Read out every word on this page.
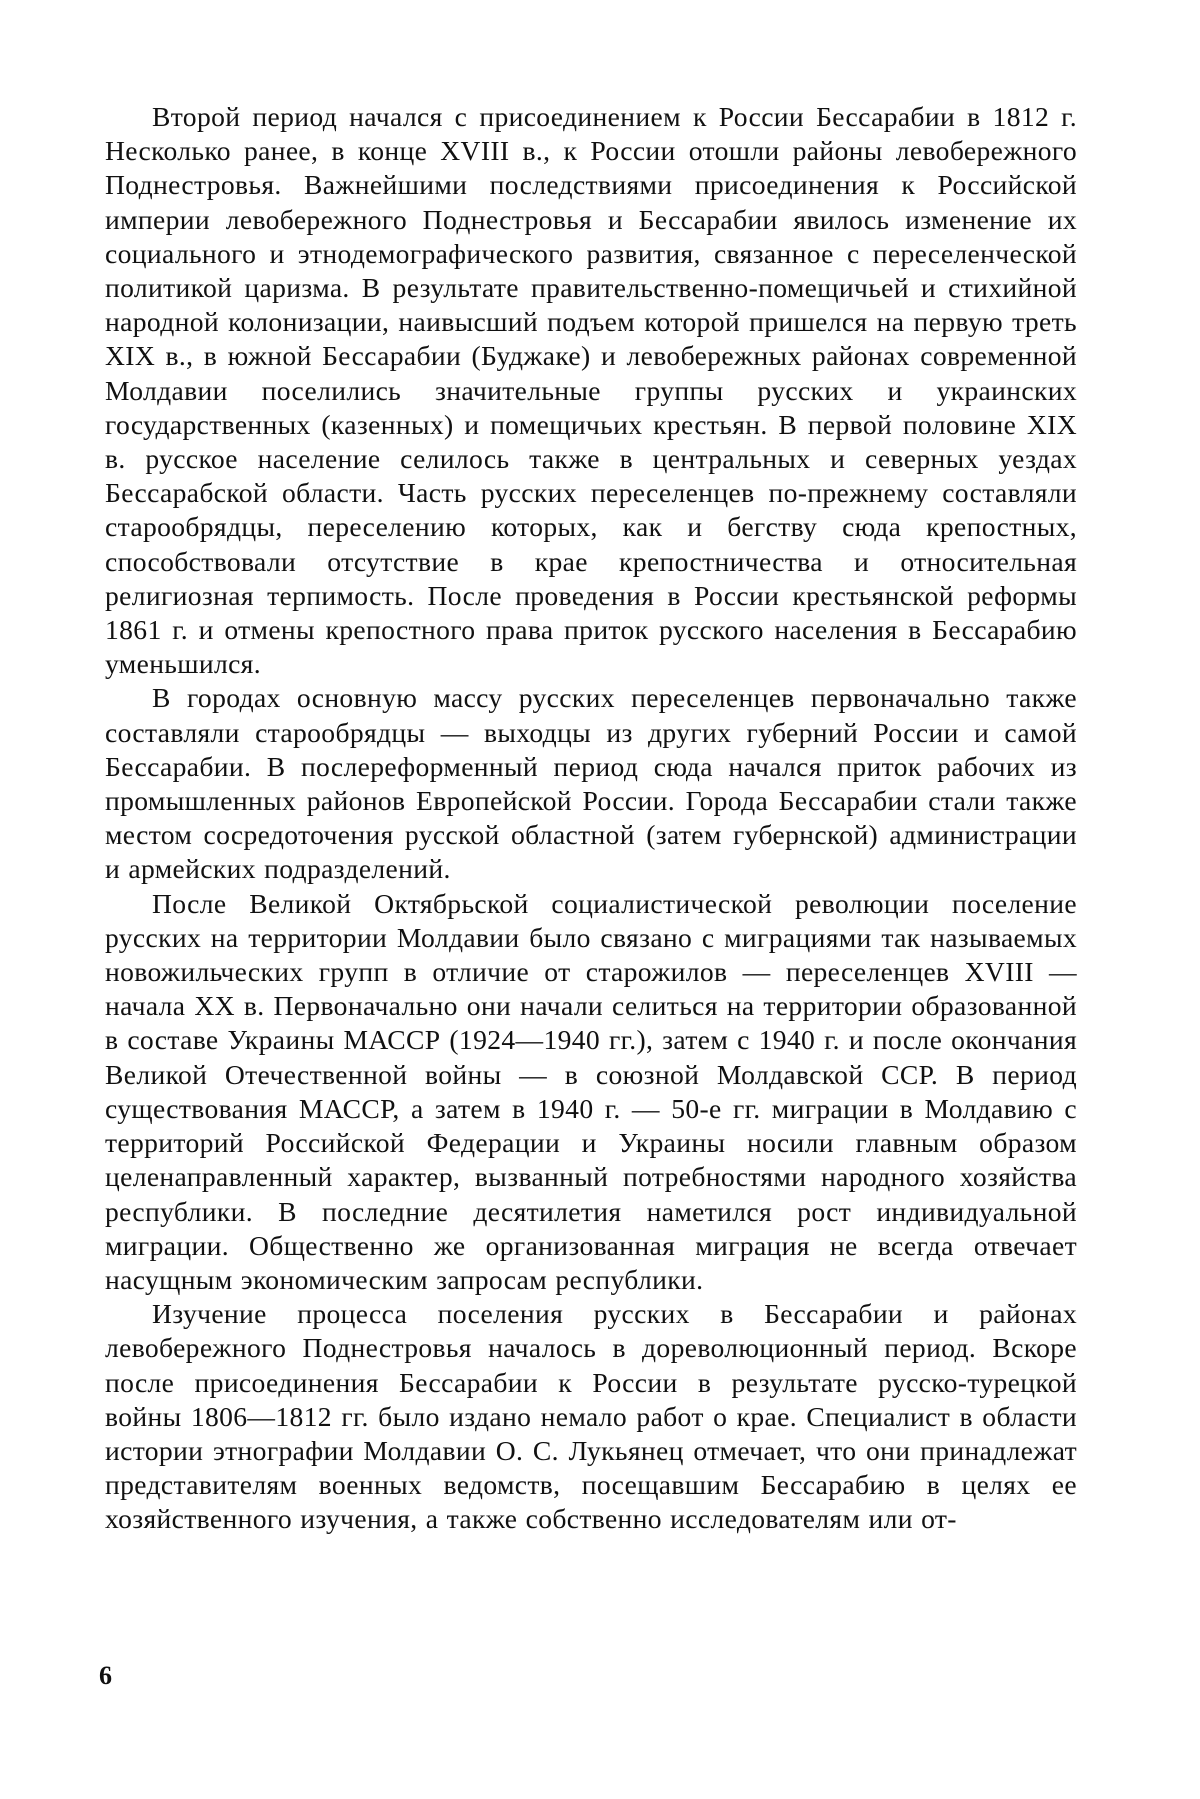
Второй период начался с присоединением к России Бессарабии в 1812 г. Несколько ранее, в конце XVIII в., к России отошли районы левобережного Поднестровья. Важнейшими последствиями присоединения к Российской империи левобережного Поднестровья и Бессарабии явилось изменение их социального и этнодемографического развития, связанное с переселенческой политикой царизма. В результате правительственно-помещичьей и стихийной народной колонизации, наивысший подъем которой пришелся на первую треть XIX в., в южной Бессарабии (Буджаке) и левобережных районах современной Молдавии поселились значительные группы русских и украинских государственных (казенных) и помещичьих крестьян. В первой половине XIX в. русское население селилось также в центральных и северных уездах Бессарабской области. Часть русских переселенцев по-прежнему составляли старообрядцы, переселению которых, как и бегству сюда крепостных, способствовали отсутствие в крае крепостничества и относительная религиозная терпимость. После проведения в России крестьянской реформы 1861 г. и отмены крепостного права приток русского населения в Бессарабию уменьшился.

В городах основную массу русских переселенцев первоначально также составляли старообрядцы — выходцы из других губерний России и самой Бессарабии. В послереформенный период сюда начался приток рабочих из промышленных районов Европейской России. Города Бессарабии стали также местом сосредоточения русской областной (затем губернской) администрации и армейских подразделений.

После Великой Октябрьской социалистической революции поселение русских на территории Молдавии было связано с миграциями так называемых новожильческих групп в отличие от старожилов — переселенцев XVIII — начала XX в. Первоначально они начали селиться на территории образованной в составе Украины МАССР (1924—1940 гг.), затем с 1940 г. и после окончания Великой Отечественной войны — в союзной Молдавской ССР. В период существования МАССР, а затем в 1940 г. — 50-е гг. миграции в Молдавию с территорий Российской Федерации и Украины носили главным образом целенаправленный характер, вызванный потребностями народного хозяйства республики. В последние десятилетия наметился рост индивидуальной миграции. Общественно же организованная миграция не всегда отвечает насущным экономическим запросам республики.

Изучение процесса поселения русских в Бессарабии и районах левобережного Поднестровья началось в дореволюционный период. Вскоре после присоединения Бессарабии к России в результате русско-турецкой войны 1806—1812 гг. было издано немало работ о крае. Специалист в области истории этнографии Молдавии О. С. Лукьянец отмечает, что они принадлежат представителям военных ведомств, посещавшим Бессарабию в целях ее хозяйственного изучения, а также собственно исследователям или от-

6
